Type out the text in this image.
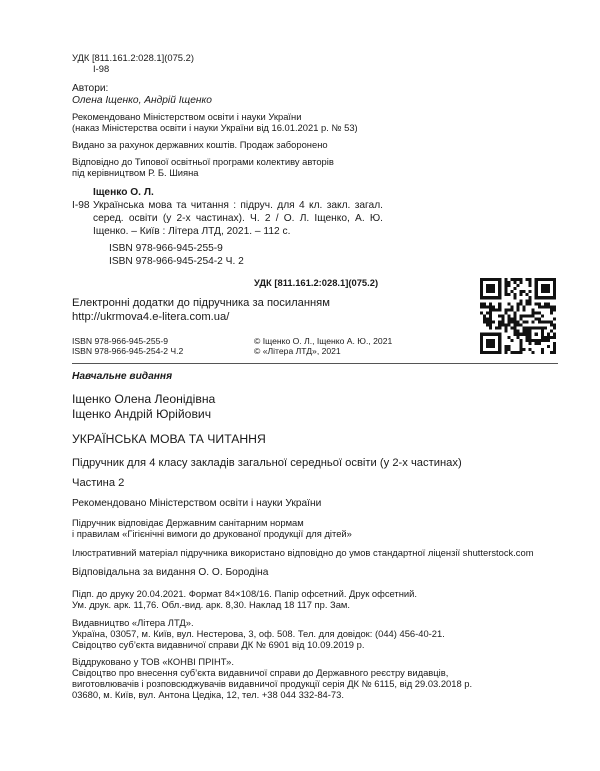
УДК [811.161.2:028.1](075.2)
І-98
Автори:
Олена Іщенко, Андрій Іщенко
Рекомендовано Міністерством освіти і науки України
(наказ Міністерства освіти і науки України від 16.01.2021 р. № 53)
Видано за рахунок державних коштів. Продаж заборонено
Відповідно до Типової освітньої програми колективу авторів
під керівництвом Р. Б. Шияна
Іщенко О. Л.
І-98 Українська мова та читання : підруч. для 4 кл. закл. загал. серед. освіти (у 2-х частинах). Ч. 2 / О. Л. Іщенко, А. Ю. Іщенко. – Київ : Літера ЛТД, 2021. – 112 с.
ISBN 978-966-945-255-9
ISBN 978-966-945-254-2 Ч. 2
УДК [811.161.2:028.1](075.2)
Електронні додатки до підручника за посиланням
http://ukrmova4.e-litera.com.ua/
ISBN 978-966-945-255-9
ISBN 978-966-945-254-2 Ч.2
© Іщенко О. Л., Іщенко А. Ю., 2021
© «Літера ЛТД», 2021
Навчальне видання
Іщенко Олена Леонідівна
Іщенко Андрій Юрійович
УКРАЇНСЬКА МОВА ТА ЧИТАННЯ
Підручник для 4 класу закладів загальної середньої освіти (у 2-х частинах)
Частина 2
Рекомендовано Міністерством освіти і науки України
Підручник відповідає Державним санітарним нормам
і правилам «Гігієнічні вимоги до друкованої продукції для дітей»
Ілюстративний матеріал підручника використано відповідно до умов стандартної ліцензії shutterstock.com
Відповідальна за видання О. О. Бородіна
Підп. до друку 20.04.2021. Формат 84×108/16. Папір офсетний. Друк офсетний.
Ум. друк. арк. 11,76. Обл.-вид. арк. 8,30. Наклад 18 117 пр. Зам.
Видавництво «Літера ЛТД».
Україна, 03057, м. Київ, вул. Нестерова, 3, оф. 508. Тел. для довідок: (044) 456-40-21.
Свідоцтво суб’єкта видавничої справи ДК № 6901 від 10.09.2019 р.
Віддруковано у ТОВ «КОНВІ ПРІНТ».
Свідоцтво про внесення суб’єкта видавничої справи до Державного реєстру видавців,
виготовлювачів і розповсюджувачів видавничої продукції серія ДК № 6115, від 29.03.2018 р.
03680, м. Київ, вул. Антона Цедіка, 12, тел. +38 044 332-84-73.
